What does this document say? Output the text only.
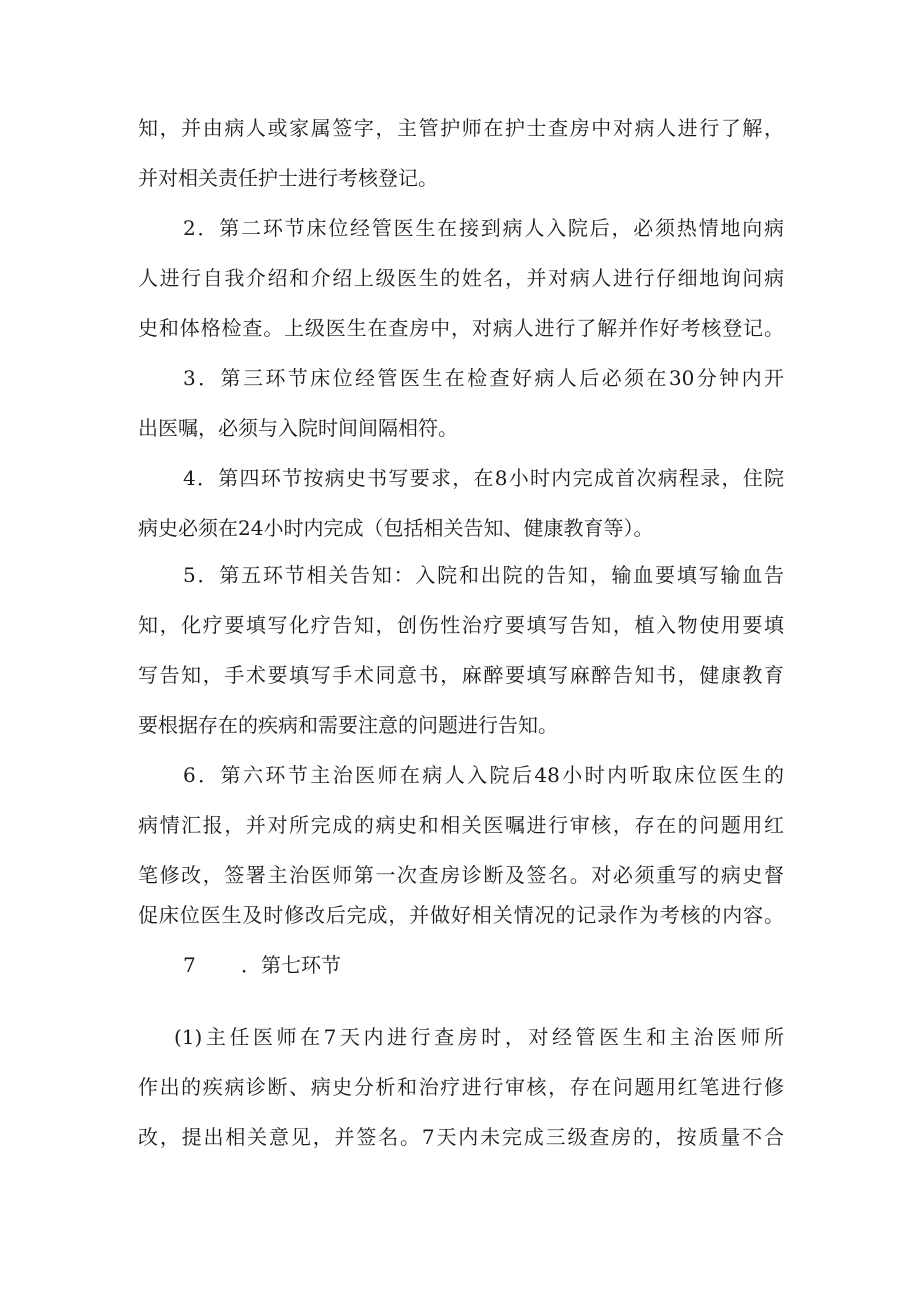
知，并由病人或家属签字，主管护师在护士查房中对病人进行了解，

并对相关责任护士进行考核登记。

2．第二环节床位经管医生在接到病人入院后，必须热情地向病

人进行自我介绍和介绍上级医生的姓名，并对病人进行仔细地询问病

史和体格检查。上级医生在查房中，对病人进行了解并作好考核登记。

3．第三环节床位经管医生在检查好病人后必须在30分钟内开

出医嘱，必须与入院时间间隔相符。

4．第四环节按病史书写要求，在8小时内完成首次病程录，住院

病史必须在24小时内完成（包括相关告知、健康教育等）。

5．第五环节相关告知：入院和出院的告知，输血要填写输血告

知，化疗要填写化疗告知，创伤性治疗要填写告知，植入物使用要填

写告知，手术要填写手术同意书，麻醉要填写麻醉告知书，健康教育

要根据存在的疾病和需要注意的问题进行告知。

6．第六环节主治医师在病人入院后48小时内听取床位医生的

病情汇报，并对所完成的病史和相关医嘱进行审核，存在的问题用红

笔修改，签署主治医师第一次查房诊断及签名。对必须重写的病史督

促床位医生及时修改后完成，并做好相关情况的记录作为考核的内容。

7 ．第七环节

(1)主任医师在7天内进行查房时，对经管医生和主治医师所

作出的疾病诊断、病史分析和治疗进行审核，存在问题用红笔进行修

改，提出相关意见，并签名。7天内未完成三级查房的，按质量不合
